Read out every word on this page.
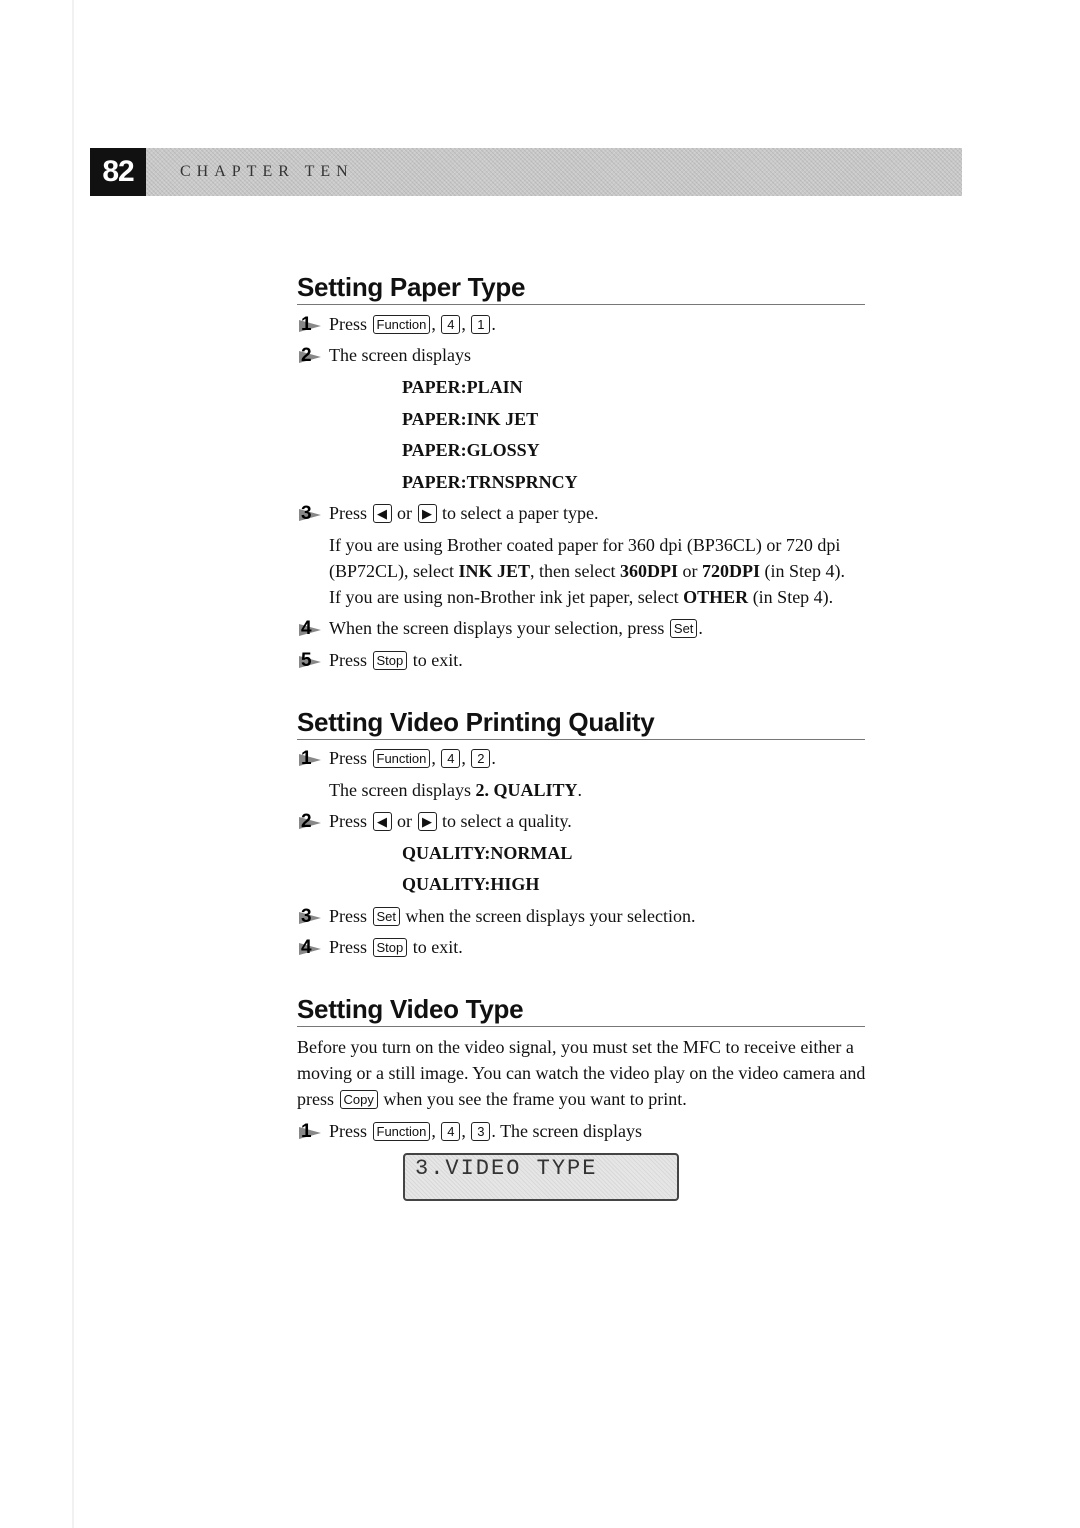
82	CHAPTER TEN
Setting Paper Type
1 Press Function , 4 , 1 .
2 The screen displays
PAPER:PLAIN
PAPER:INK JET
PAPER:GLOSSY
PAPER:TRNSPRNCY
3 Press ◀ or ▶ to select a paper type.
If you are using Brother coated paper for 360 dpi (BP36CL) or 720 dpi
(BP72CL), select INK JET, then select 360DPI or 720DPI (in Step 4).
If you are using non-Brother ink jet paper, select OTHER (in Step 4).
4 When the screen displays your selection, press Set .
5 Press Stop to exit.
Setting Video Printing Quality
1 Press Function , 4 , 2 .
The screen displays 2. QUALITY.
2 Press ◀ or ▶ to select a quality.
QUALITY:NORMAL
QUALITY:HIGH
3 Press Set when the screen displays your selection.
4 Press Stop to exit.
Setting Video Type
Before you turn on the video signal, you must set the MFC to receive either a
moving or a still image. You can watch the video play on the video camera and
press Copy when you see the frame you want to print.
1 Press Function , 4 , 3 . The screen displays
3.VIDEO TYPE
